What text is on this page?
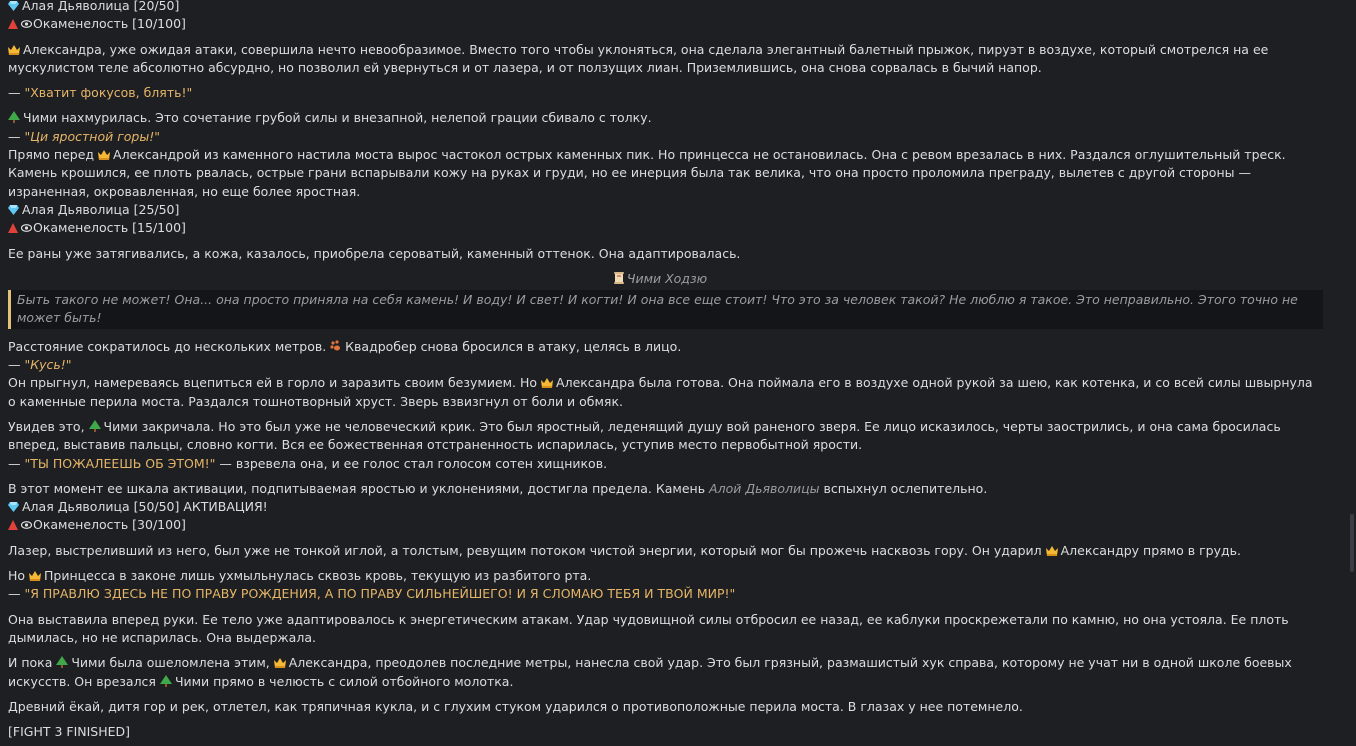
Алая Дьяволица [20/50]
Окаменелость [10/100]
Александра, уже ожидая атаки, совершила нечто невообразимое. Вместо того чтобы уклоняться, она сделала элегантный балетный прыжок, пируэт в воздухе, который смотрелся на ее мускулистом теле абсолютно абсурдно, но позволил ей увернуться и от лазера, и от ползущих лиан. Приземлившись, она снова сорвалась в бычий напор.
— "Хватит фокусов, блять!"
Чими нахмурилась. Это сочетание грубой силы и внезапной, нелепой грации сбивало с толку.
— "Ци яростной горы!"
Прямо перед Александрой из каменного настила моста вырос частокол острых каменных пик. Но принцесса не остановилась. Она с ревом врезалась в них. Раздался оглушительный треск. Камень крошился, ее плоть рвалась, острые грани вспарывали кожу на руках и груди, но ее инерция была так велика, что она просто проломила преграду, вылетев с другой стороны — израненная, окровавленная, но еще более яростная.
Алая Дьяволица [25/50]
Окаменелость [15/100]
Ее раны уже затягивались, а кожа, казалось, приобрела сероватый, каменный оттенок. Она адаптировалась.
Чими Ходзю
Быть такого не может! Она... она просто приняла на себя камень! И воду! И свет! И когти! И она все еще стоит! Что это за человек такой? Не люблю я такое. Это неправильно. Этого точно не может быть!
Расстояние сократилось до нескольких метров. Квадробер снова бросился в атаку, целясь в лицо.
— "Кусь!"
Он прыгнул, намереваясь вцепиться ей в горло и заразить своим безумием. Но Александра была готова. Она поймала его в воздухе одной рукой за шею, как котенка, и со всей силы швырнула о каменные перила моста. Раздался тошнотворный хруст. Зверь взвизгнул от боли и обмяк.
Увидев это, Чими закричала. Но это был уже не человеческий крик. Это был яростный, леденящий душу вой раненого зверя. Ее лицо исказилось, черты заострились, и она сама бросилась вперед, выставив пальцы, словно когти. Вся ее божественная отстраненность испарилась, уступив место первобытной ярости.
— "ТЫ ПОЖАЛЕЕШЬ ОБ ЭТОМ!" — взревела она, и ее голос стал голосом сотен хищников.
В этот момент ее шкала активации, подпитываемая яростью и уклонениями, достигла предела. Камень Алой Дьяволицы вспыхнул ослепительно.
Алая Дьяволица [50/50] АКТИВАЦИЯ!
Окаменелость [30/100]
Лазер, выстреливший из него, был уже не тонкой иглой, а толстым, ревущим потоком чистой энергии, который мог бы прожечь насквозь гору. Он ударил Александру прямо в грудь.
Но Принцесса в законе лишь ухмыльнулась сквозь кровь, текущую из разбитого рта.
— "Я ПРАВЛЮ ЗДЕСЬ НЕ ПО ПРАВУ РОЖДЕНИЯ, А ПО ПРАВУ СИЛЬНЕЙШЕГО! И Я СЛОМАЮ ТЕБЯ И ТВОЙ МИР!"
Она выставила вперед руки. Ее тело уже адаптировалось к энергетическим атакам. Удар чудовищной силы отбросил ее назад, ее каблуки проскрежетали по камню, но она устояла. Ее плоть дымилась, но не испарилась. Она выдержала.
И пока Чими была ошеломлена этим, Александра, преодолев последние метры, нанесла свой удар. Это был грязный, размашистый хук справа, которому не учат ни в одной школе боевых искусств. Он врезался Чими прямо в челюсть с силой отбойного молотка.
Древний ёкай, дитя гор и рек, отлетел, как тряпичная кукла, и с глухим стуком ударился о противоположные перила моста. В глазах у нее потемнело.
[FIGHT 3 FINISHED]
